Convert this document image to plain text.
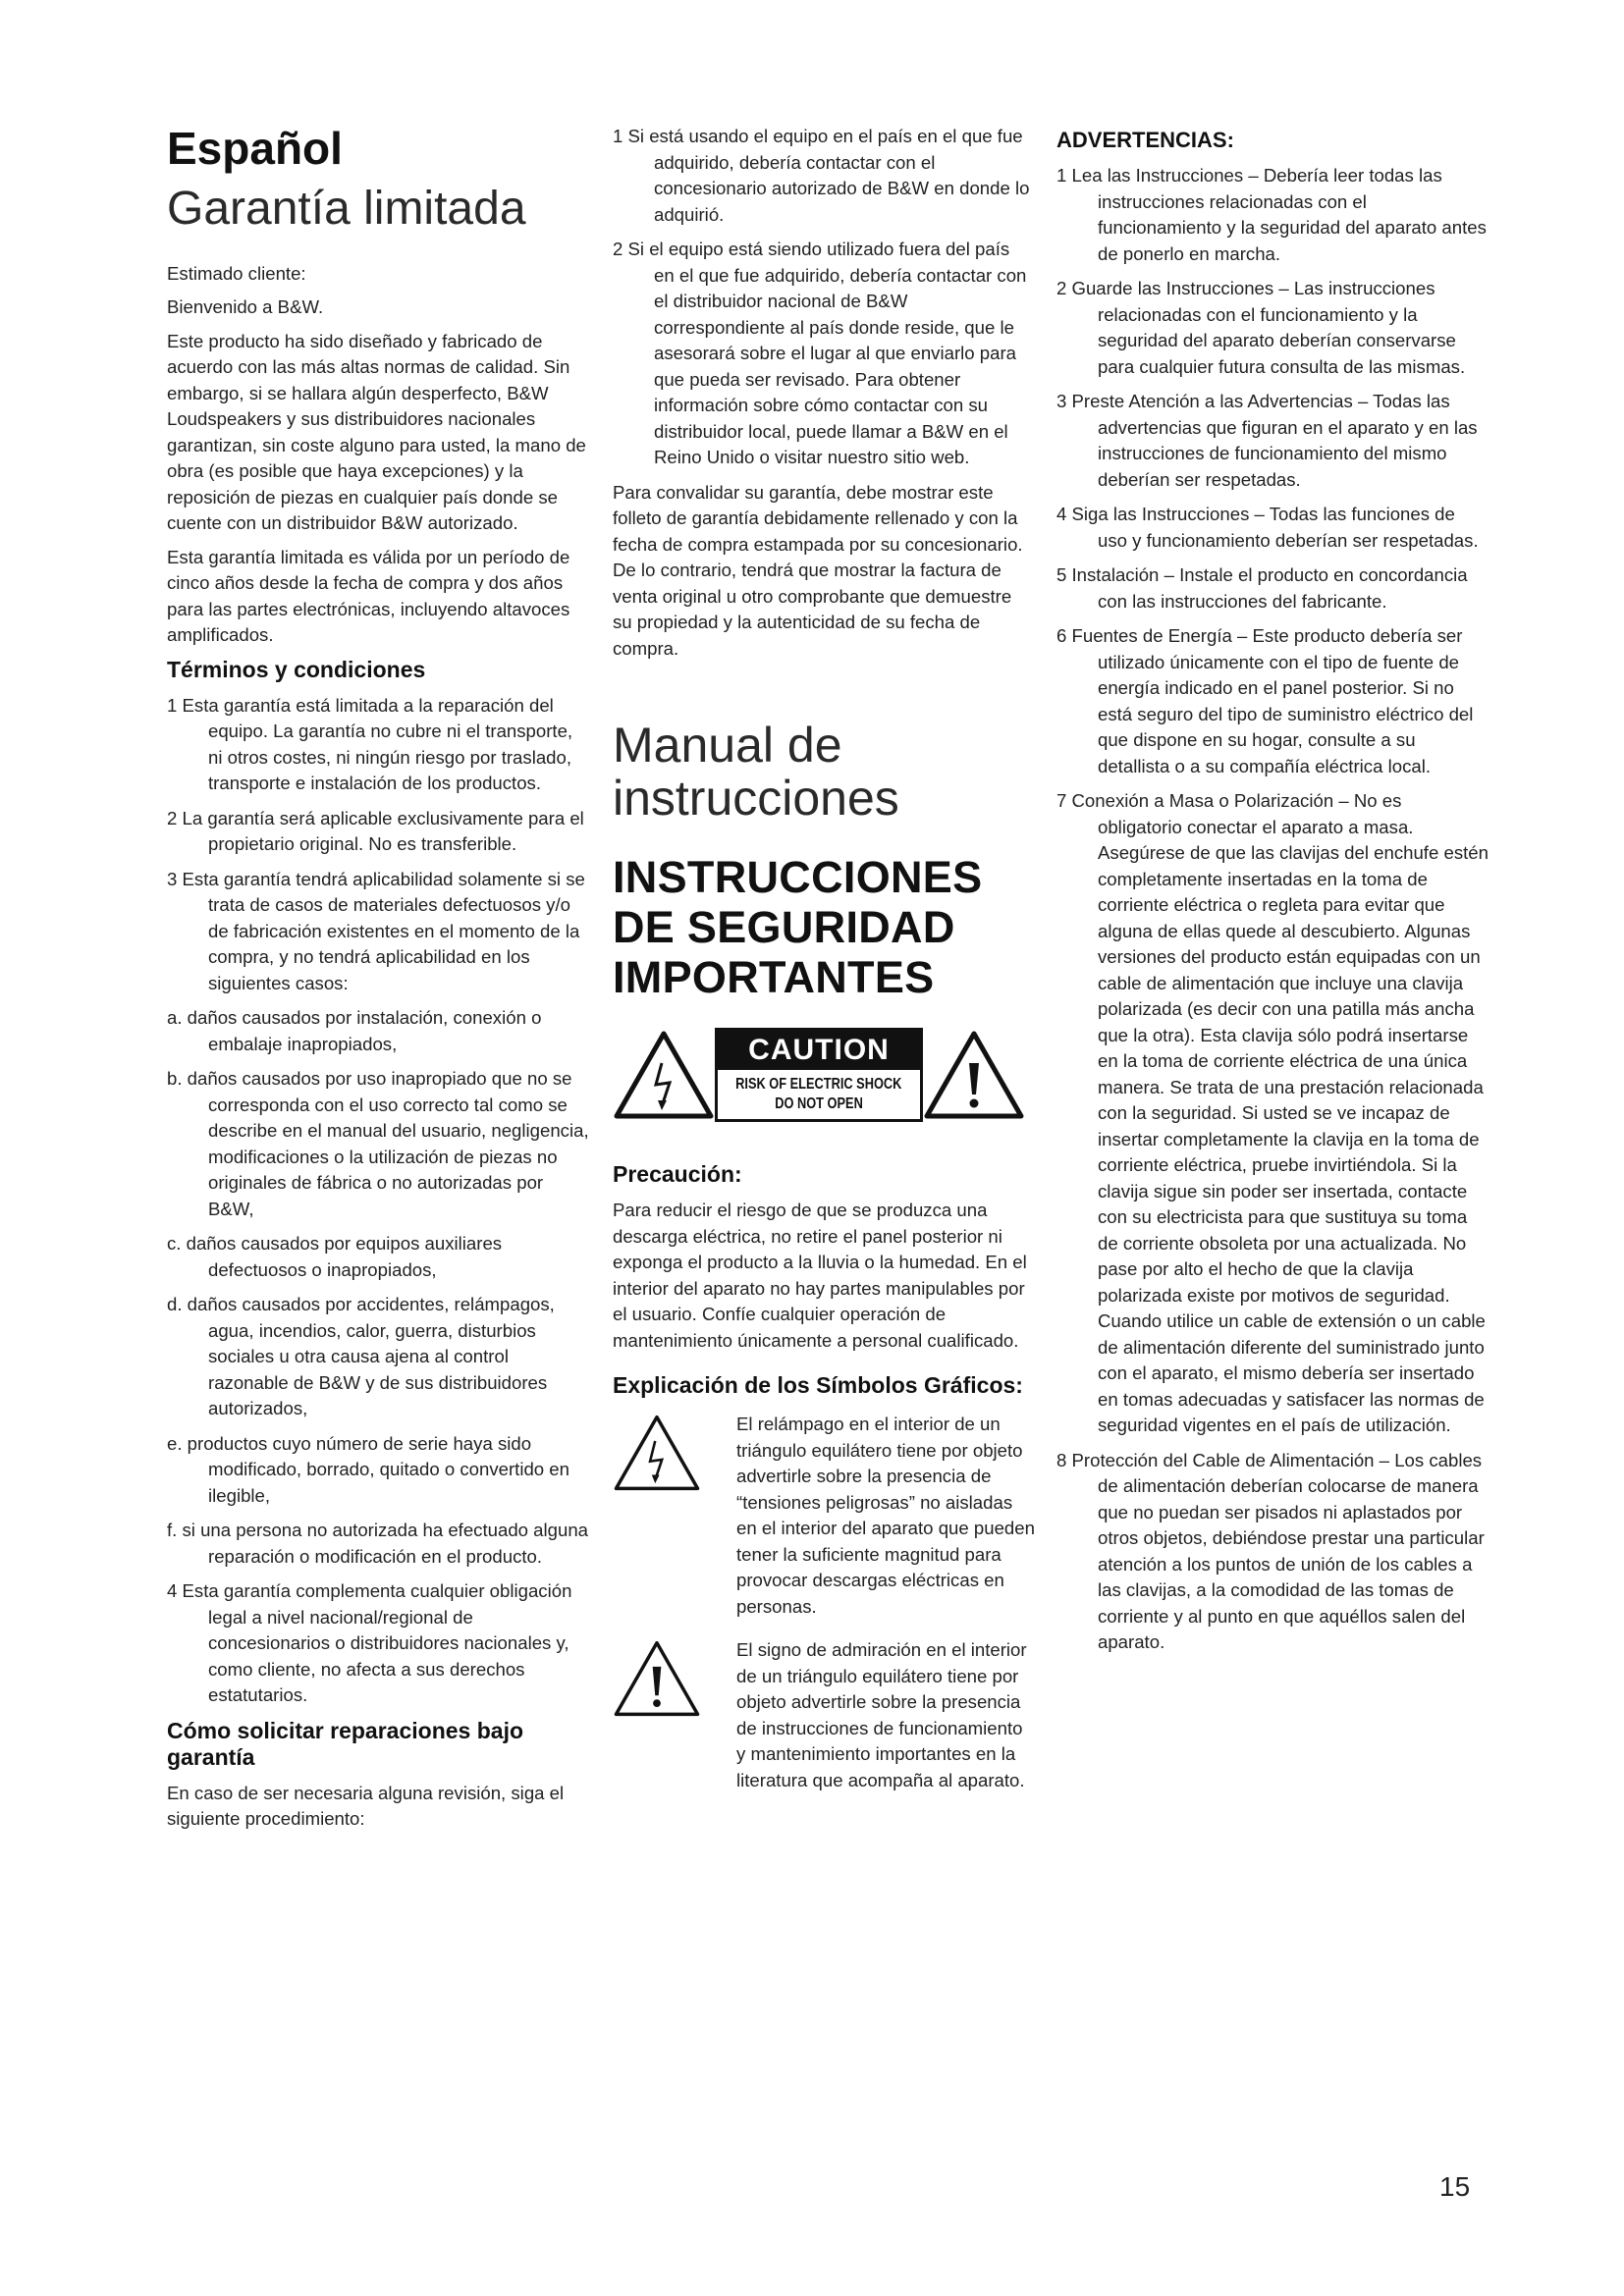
Español
Garantía limitada

Estimado cliente:

Bienvenido a B&W.

Este producto ha sido diseñado y fabricado de acuerdo con las más altas normas de calidad. Sin embargo, si se hallara algún desperfecto, B&W Loudspeakers y sus distribuidores nacionales garantizan, sin coste alguno para usted, la mano de obra (es posible que haya excepciones) y la reposición de piezas en cualquier país donde se cuente con un distribuidor B&W autorizado.

Esta garantía limitada es válida por un período de cinco años desde la fecha de compra y dos años para las partes electrónicas, incluyendo altavoces amplificados.

Términos y condiciones
1 Esta garantía está limitada a la reparación del equipo. La garantía no cubre ni el transporte, ni otros costes, ni ningún riesgo por traslado, transporte e instalación de los productos.
2 La garantía será aplicable exclusivamente para el propietario original. No es transferible.
3 Esta garantía tendrá aplicabilidad solamente si se trata de casos de materiales defectuosos y/o de fabricación existentes en el momento de la compra, y no tendrá aplicabilidad en los siguientes casos:
a. daños causados por instalación, conexión o embalaje inapropiados,
b. daños causados por uso inapropiado que no se corresponda con el uso correcto tal como se describe en el manual del usuario, negligencia, modificaciones o la utilización de piezas no originales de fábrica o no autorizadas por B&W,
c. daños causados por equipos auxiliares defectuosos o inapropiados,
d. daños causados por accidentes, relámpagos, agua, incendios, calor, guerra, disturbios sociales u otra causa ajena al control razonable de B&W y de sus distribuidores autorizados,
e. productos cuyo número de serie haya sido modificado, borrado, quitado o convertido en ilegible,
f. si una persona no autorizada ha efectuado alguna reparación o modificación en el producto.
4 Esta garantía complementa cualquier obligación legal a nivel nacional/regional de concesionarios o distribuidores nacionales y, como cliente, no afecta a sus derechos estatutarios.
Cómo solicitar reparaciones bajo garantía

En caso de ser necesaria alguna revisión, siga el siguiente procedimiento:

1 Si está usando el equipo en el país en el que fue adquirido, debería contactar con el concesionario autorizado de B&W en donde lo adquirió.
2 Si el equipo está siendo utilizado fuera del país en el que fue adquirido, debería contactar con el distribuidor nacional de B&W correspondiente al país donde reside, que le asesorará sobre el lugar al que enviarlo para que pueda ser revisado. Para obtener información sobre cómo contactar con su distribuidor local, puede llamar a B&W en el Reino Unido o visitar nuestro sitio web.

Para convalidar su garantía, debe mostrar este folleto de garantía debidamente rellenado y con la fecha de compra estampada por su concesionario. De lo contrario, tendrá que mostrar la factura de venta original u otro comprobante que demuestre su propiedad y la autenticidad de su fecha de compra.

Manual de instrucciones
INSTRUCCIONES DE SEGURIDAD IMPORTANTES
CAUTION
RISK OF ELECTRIC SHOCK
DO NOT OPEN
Precaución:

Para reducir el riesgo de que se produzca una descarga eléctrica, no retire el panel posterior ni exponga el producto a la lluvia o la humedad. En el interior del aparato no hay partes manipulables por el usuario. Confíe cualquier operación de mantenimiento únicamente a personal cualificado.

Explicación de los Símbolos Gráficos:
El relámpago en el interior de un triángulo equilátero tiene por objeto advertirle sobre la presencia de “tensiones peligrosas” no aisladas en el interior del aparato que pueden tener la suficiente magnitud para provocar descargas eléctricas en personas.
El signo de admiración en el interior de un triángulo equilátero tiene por objeto advertirle sobre la presencia de instrucciones de funcionamiento y mantenimiento importantes en la literatura que acompaña al aparato.
ADVERTENCIAS:
1 Lea las Instrucciones – Debería leer todas las instrucciones relacionadas con el funcionamiento y la seguridad del aparato antes de ponerlo en marcha.
2 Guarde las Instrucciones – Las instrucciones relacionadas con el funcionamiento y la seguridad del aparato deberían conservarse para cualquier futura consulta de las mismas.
3 Preste Atención a las Advertencias – Todas las advertencias que figuran en el aparato y en las instrucciones de funcionamiento del mismo deberían ser respetadas.
4 Siga las Instrucciones – Todas las funciones de uso y funcionamiento deberían ser respetadas.
5 Instalación – Instale el producto en concordancia con las instrucciones del fabricante.
6 Fuentes de Energía – Este producto debería ser utilizado únicamente con el tipo de fuente de energía indicado en el panel posterior. Si no está seguro del tipo de suministro eléctrico del que dispone en su hogar, consulte a su detallista o a su compañía eléctrica local.
7 Conexión a Masa o Polarización – No es obligatorio conectar el aparato a masa. Asegúrese de que las clavijas del enchufe estén completamente insertadas en la toma de corriente eléctrica o regleta para evitar que alguna de ellas quede al descubierto. Algunas versiones del producto están equipadas con un cable de alimentación que incluye una clavija polarizada (es decir con una patilla más ancha que la otra). Esta clavija sólo podrá insertarse en la toma de corriente eléctrica de una única manera. Se trata de una prestación relacionada con la seguridad. Si usted se ve incapaz de insertar completamente la clavija en la toma de corriente eléctrica, pruebe invirtiéndola. Si la clavija sigue sin poder ser insertada, contacte con su electricista para que sustituya su toma de corriente obsoleta por una actualizada. No pase por alto el hecho de que la clavija polarizada existe por motivos de seguridad. Cuando utilice un cable de extensión o un cable de alimentación diferente del suministrado junto con el aparato, el mismo debería ser insertado en tomas adecuadas y satisfacer las normas de seguridad vigentes en el país de utilización.
8 Protección del Cable de Alimentación – Los cables de alimentación deberían colocarse de manera que no puedan ser pisados ni aplastados por otros objetos, debiéndose prestar una particular atención a los puntos de unión de los cables a las clavijas, a la comodidad de las tomas de corriente y al punto en que aquéllos salen del aparato.
15
